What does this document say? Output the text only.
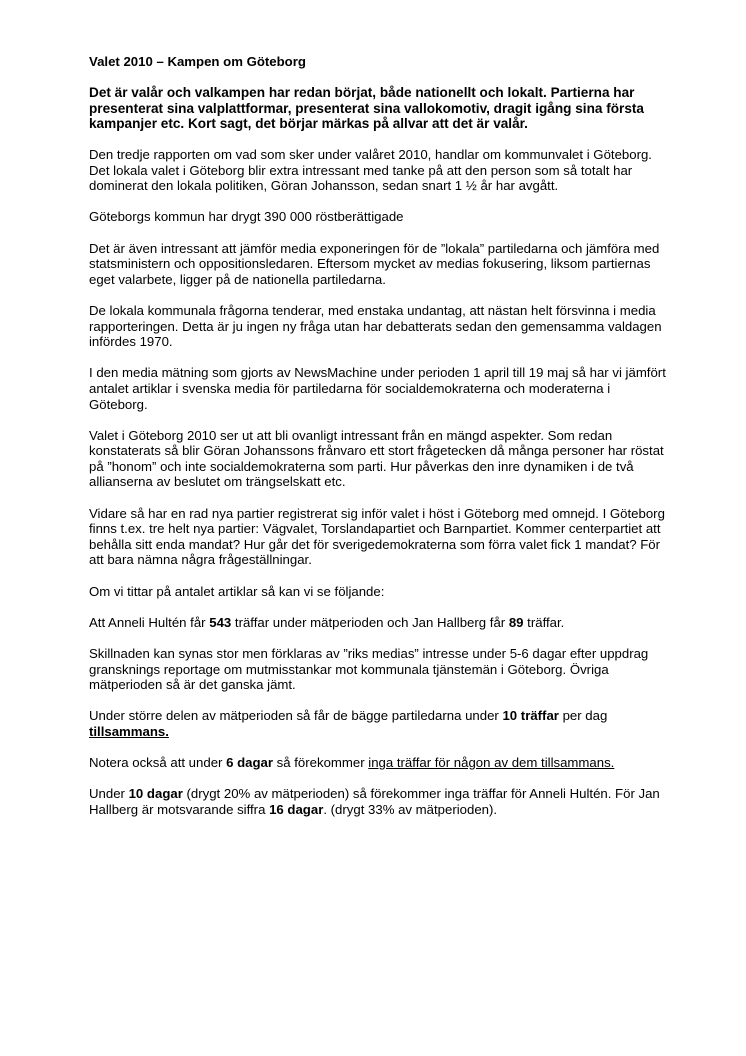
Valet 2010 – Kampen om Göteborg

Det är valår och valkampen har redan börjat, både nationellt och lokalt. Partierna har presenterat sina valplattformar, presenterat sina vallokomotiv, dragit igång sina första kampanjer etc. Kort sagt, det börjar märkas på allvar att det är valår.

Den tredje rapporten om vad som sker under valåret 2010, handlar om kommunvalet i Göteborg. Det lokala valet i Göteborg blir extra intressant med tanke på att den person som så totalt har dominerat den lokala politiken, Göran Johansson, sedan snart 1 ½ år har avgått.

Göteborgs kommun har drygt 390 000 röstberättigade

Det är även intressant att jämför media exponeringen för de ”lokala” partiledarna och jämföra med statsministern och oppositionsledaren. Eftersom mycket av medias fokusering, liksom partiernas eget valarbete, ligger på de nationella partiledarna.

De lokala kommunala frågorna tenderar, med enstaka undantag, att nästan helt försvinna i media rapporteringen. Detta är ju ingen ny fråga utan har debatterats sedan den gemensamma valdagen infördes 1970.

I den media mätning som gjorts av NewsMachine under perioden 1 april till 19 maj så har vi jämfört antalet artiklar i svenska media för partiledarna för socialdemokraterna och moderaterna i Göteborg.

Valet i Göteborg 2010 ser ut att bli ovanligt intressant från en mängd aspekter. Som redan konstaterats så blir Göran Johanssons frånvaro ett stort frågetecken då många personer har röstat på ”honom” och inte socialdemokraterna som parti. Hur påverkas den inre dynamiken i de två allianserna av beslutet om trängselskatt etc.

Vidare så har en rad nya partier registrerat sig inför valet i höst i Göteborg med omnejd. I Göteborg finns t.ex. tre helt nya partier: Vägvalet, Torslandapartiet och Barnpartiet. Kommer centerpartiet att behålla sitt enda mandat? Hur går det för sverigedemokraterna som förra valet fick 1 mandat? För att bara nämna några frågeställningar.

Om vi tittar på antalet artiklar så kan vi se följande:

Att Anneli Hultén får 543 träffar under mätperioden och Jan Hallberg får 89 träffar.

Skillnaden kan synas stor men förklaras av ”riks medias” intresse under 5-6 dagar efter uppdrag gransknings reportage om mutmisstankar mot kommunala tjänstemän i Göteborg. Övriga mätperioden så är det ganska jämt.

Under större delen av mätperioden så får de bägge partiledarna under 10 träffar per dag tillsammans.

Notera också att under 6 dagar så förekommer inga träffar för någon av dem tillsammans.

Under 10 dagar (drygt 20% av mätperioden) så förekommer inga träffar för Anneli Hultén. För Jan Hallberg är motsvarande siffra 16 dagar. (drygt 33% av mätperioden).
